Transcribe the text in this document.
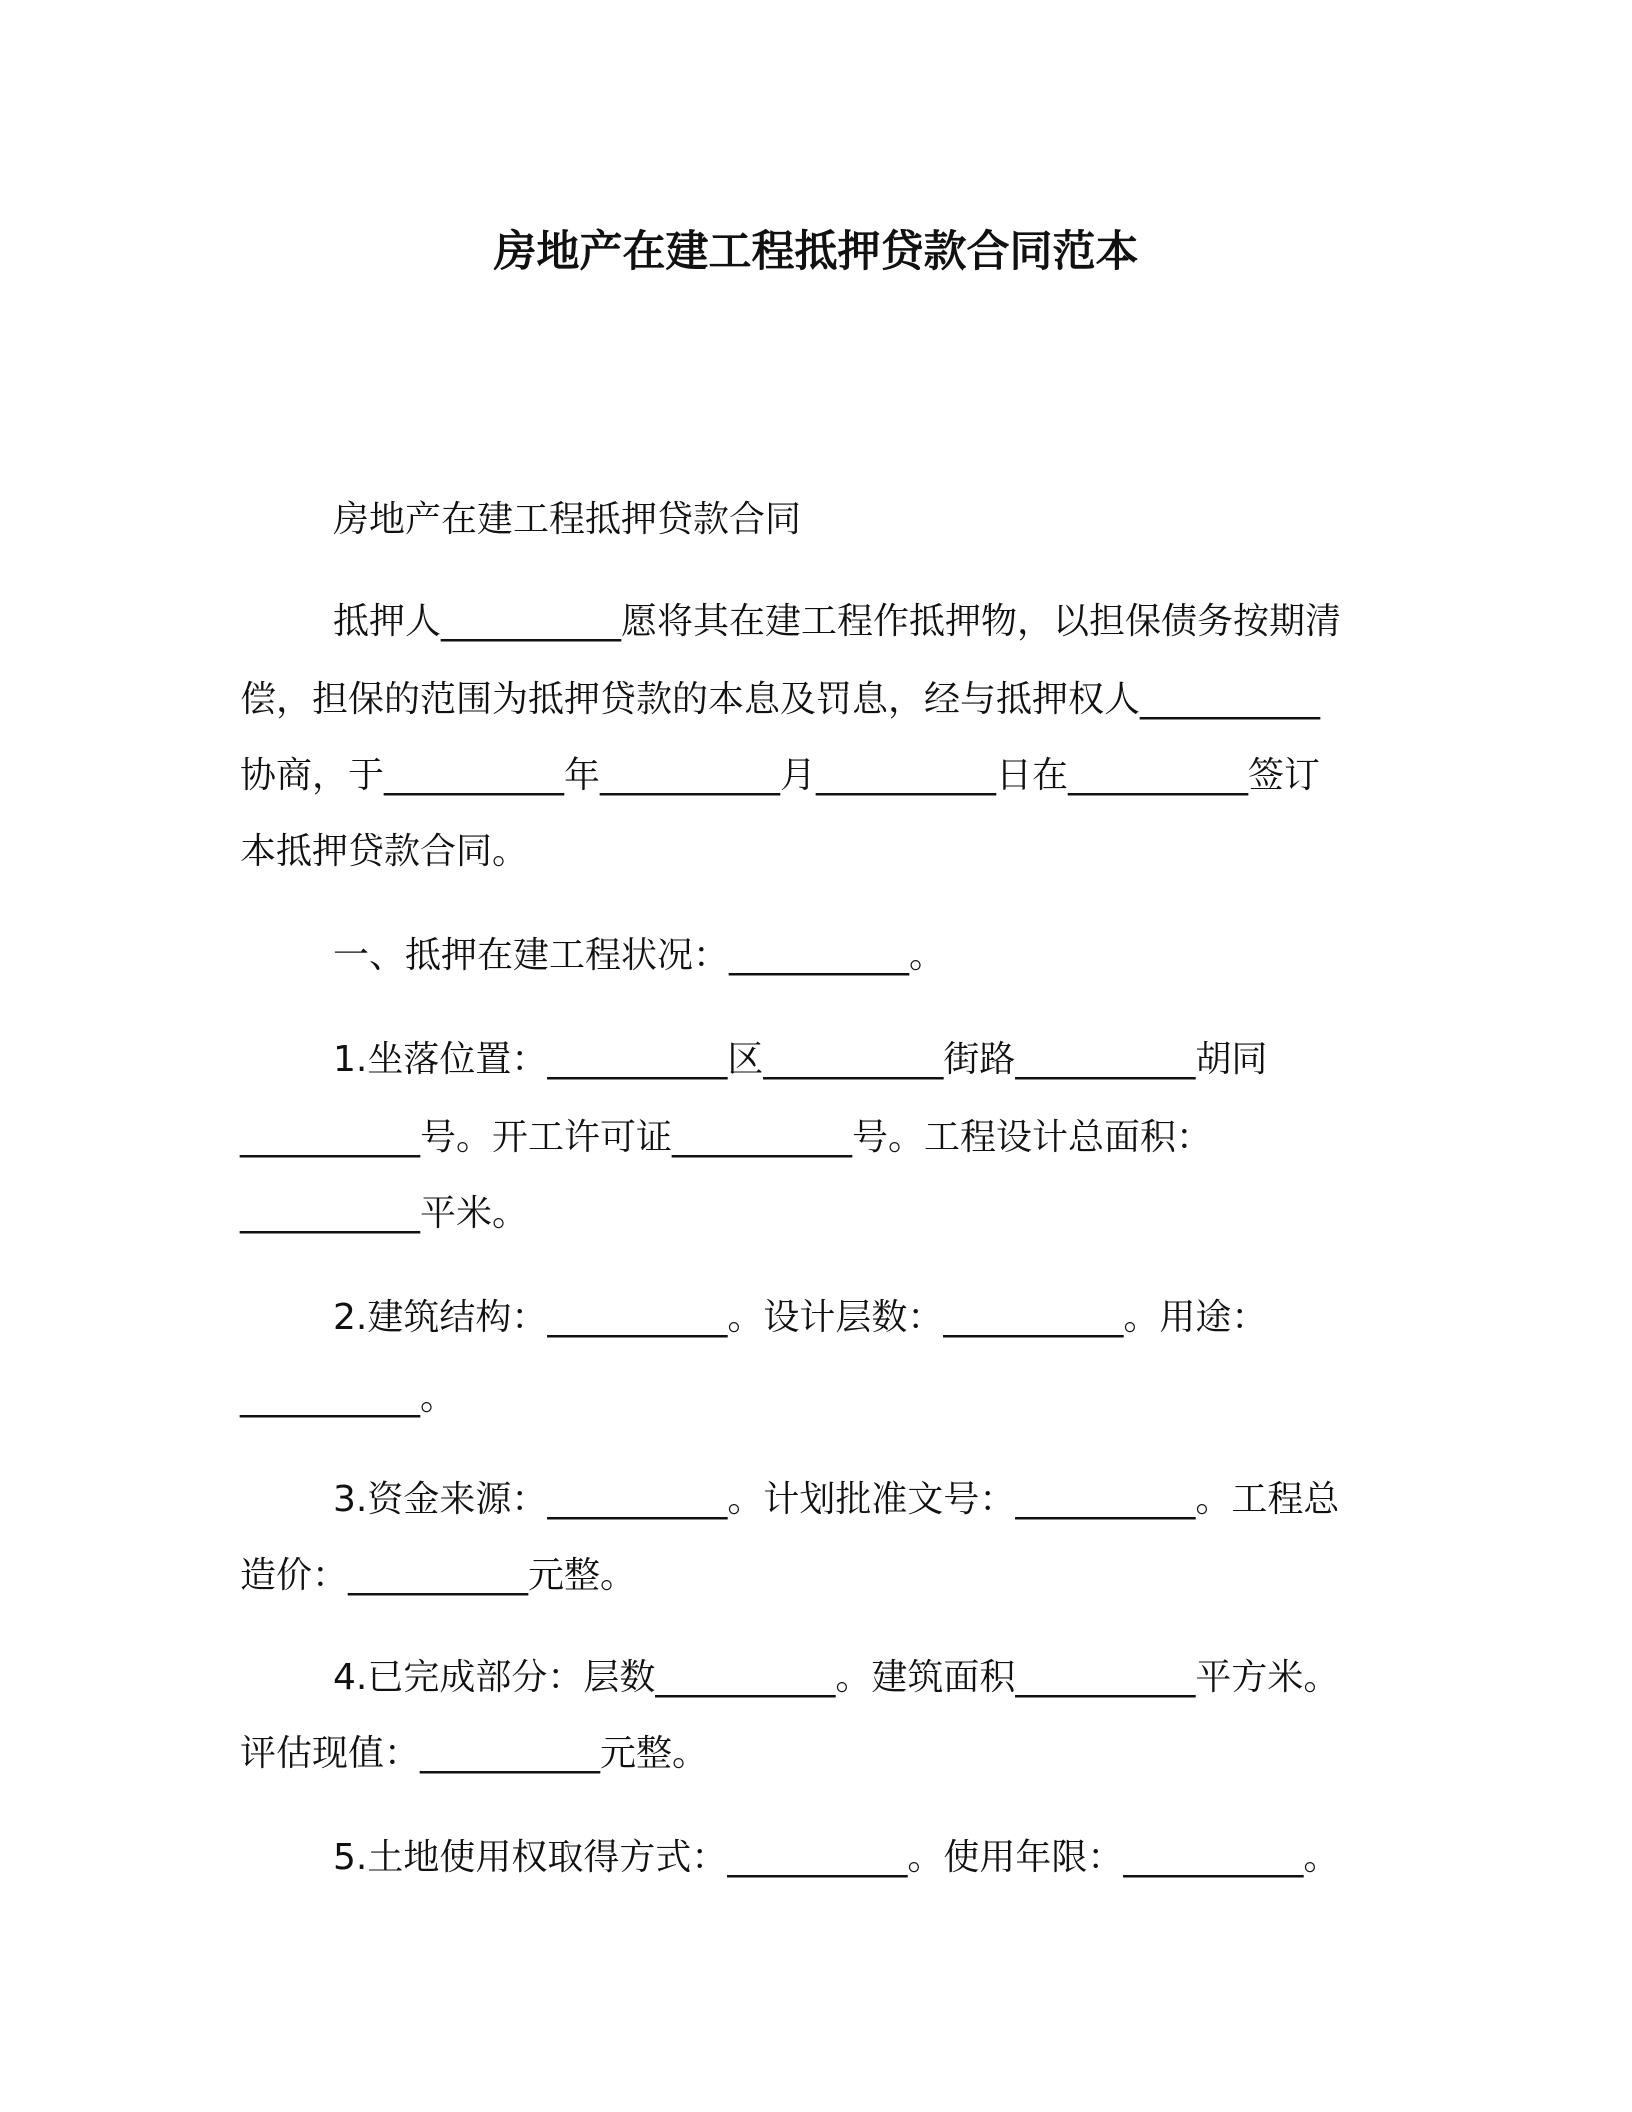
房地产在建工程抵押贷款合同范本
房地产在建工程抵押贷款合同
抵押人__________愿将其在建工程作抵押物，以担保债务按期清
偿，担保的范围为抵押贷款的本息及罚息，经与抵押权人__________
协商，于__________年__________月__________日在__________签订
本抵押贷款合同。
一、抵押在建工程状况：__________。
1.坐落位置：__________区__________街路__________胡同
__________号。开工许可证__________号。工程设计总面积：
__________平米。
2.建筑结构：__________。设计层数：__________。用途：
__________。
3.资金来源：__________。计划批准文号：__________。工程总
造价：__________元整。
4.已完成部分：层数__________。建筑面积__________平方米。
评估现值：__________元整。
5.土地使用权取得方式：__________。使用年限：__________。
